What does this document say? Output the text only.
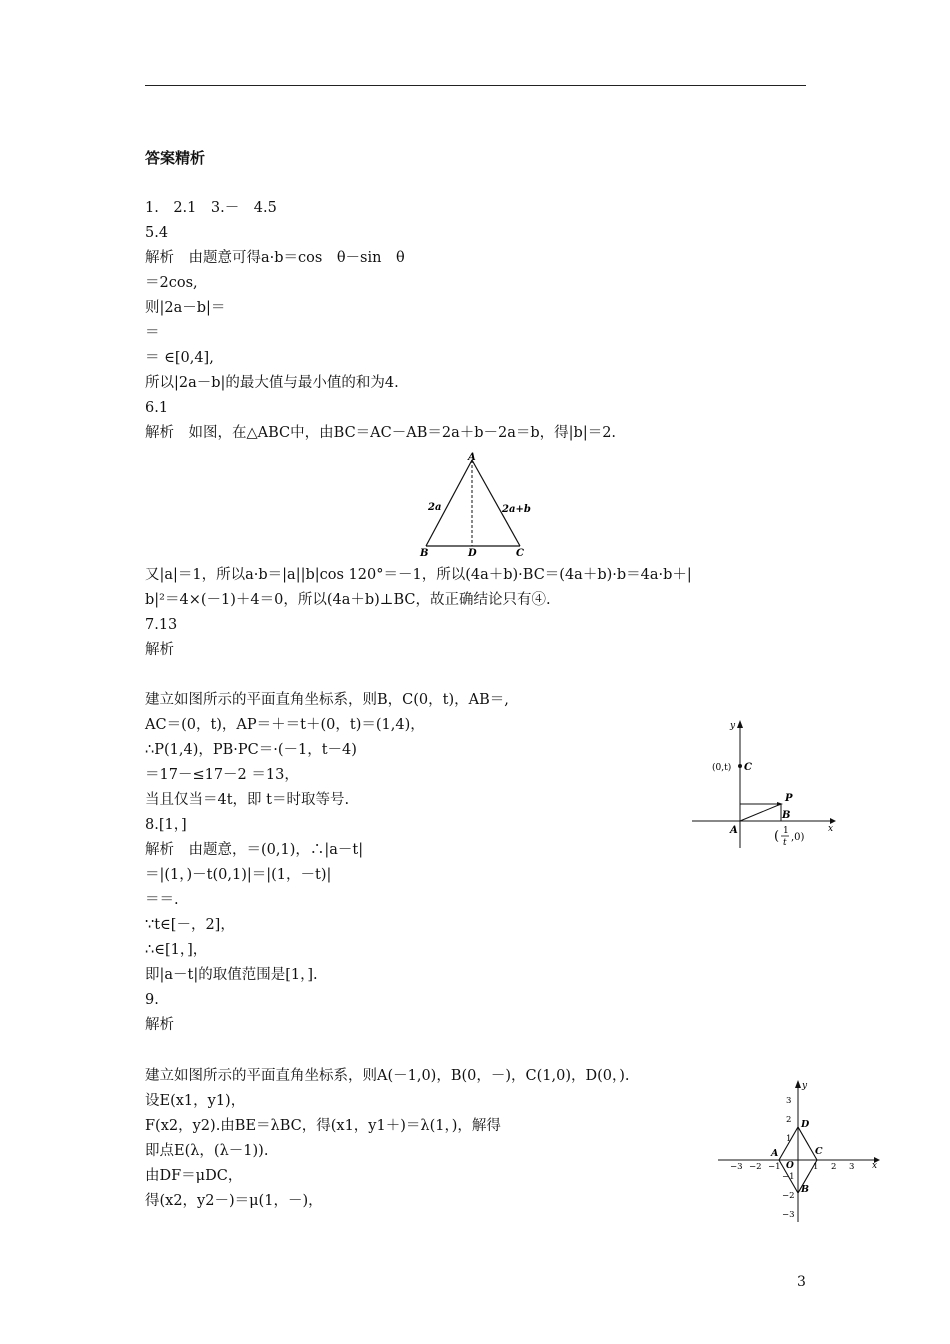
答案精析
1.　2.1　3.－　4.5
5.4
解析　由题意可得a·b＝cos　θ－sin　θ
＝2cos,
则|2a－b|＝
＝
＝ ∈[0,4],
所以|2a－b|的最大值与最小值的和为4.
6.1
解析　如图，在△ABC中，由BC＝AC－AB＝2a＋b－2a＝b，得|b|＝2.
又|a|＝1，所以a·b＝|a||b|cos 120°＝－1，所以(4a＋b)·BC＝(4a＋b)·b＝4a·b＋|
b|²＝4×(－1)＋4＝0，所以(4a＋b)⊥BC，故正确结论只有④.
7.13
解析
建立如图所示的平面直角坐标系，则B，C(0，t)，AB＝,
AC＝(0，t)，AP＝＋＝t＋(0，t)＝(1,4)，
∴P(1,4)，PB·PC＝·(－1，t－4)
＝17－≤17－2 ＝13，
当且仅当＝4t，即 t＝时取等号.
8.[1，]
解析　由题意，＝(0,1)，∴|a－t|
＝|(1，)－t(0,1)|＝|(1，－t)|
＝＝.
∵t∈[－，2]，
∴∈[1，]，
即|a－t|的取值范围是[1，].
9.
解析
建立如图所示的平面直角坐标系，则A(－1,0)，B(0，－)，C(1,0)，D(0，).
设E(x1，y1)，
F(x2，y2).由BE＝λBC，得(x1，y1＋)＝λ(1，)，解得
即点E(λ，(λ－1)).
由DF＝μDC，
得(x2，y2－)＝μ(1，－)，
A
B	C
D
2a	2a+b
y
x
(0,t) C
P
B
A	( 1
t ,0)
y
x
−3 −2 −1	1 2 3
3
2
1
−1
−2
−3
O
A
B
C
D
3
